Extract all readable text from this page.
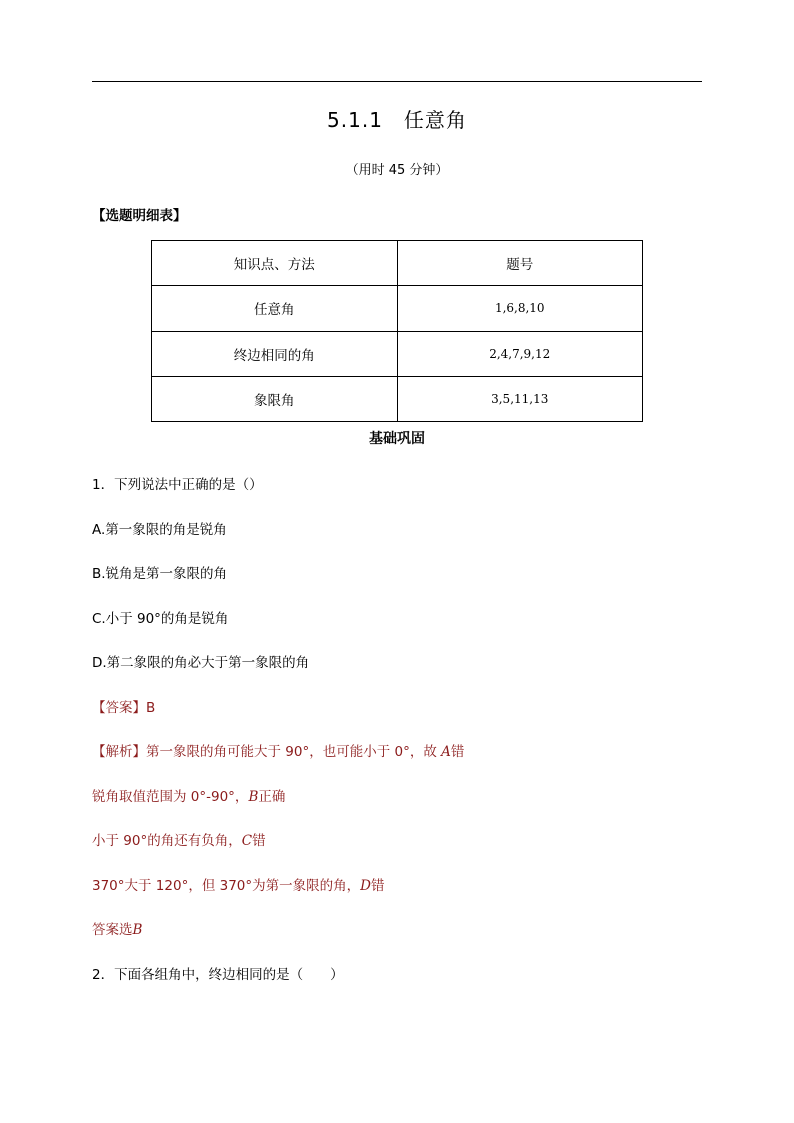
5.1.1　任意角
（用时 45 分钟）
【选题明细表】
知识点、方法	题号
任意角	1,6,8,10
终边相同的角	2,4,7,9,12
象限角	3,5,11,13
基础巩固
1．下列说法中正确的是（）
A.第一象限的角是锐角
B.锐角是第一象限的角
C.小于 90°的角是锐角
D.第二象限的角必大于第一象限的角
【答案】B
【解析】第一象限的角可能大于 90°，也可能小于 0°，故 A错
锐角取值范围为 0°-90°，B正确
小于 90°的角还有负角，C错
370°大于 120°，但 370°为第一象限的角，D错
答案选B
2．下面各组角中，终边相同的是（　　）
